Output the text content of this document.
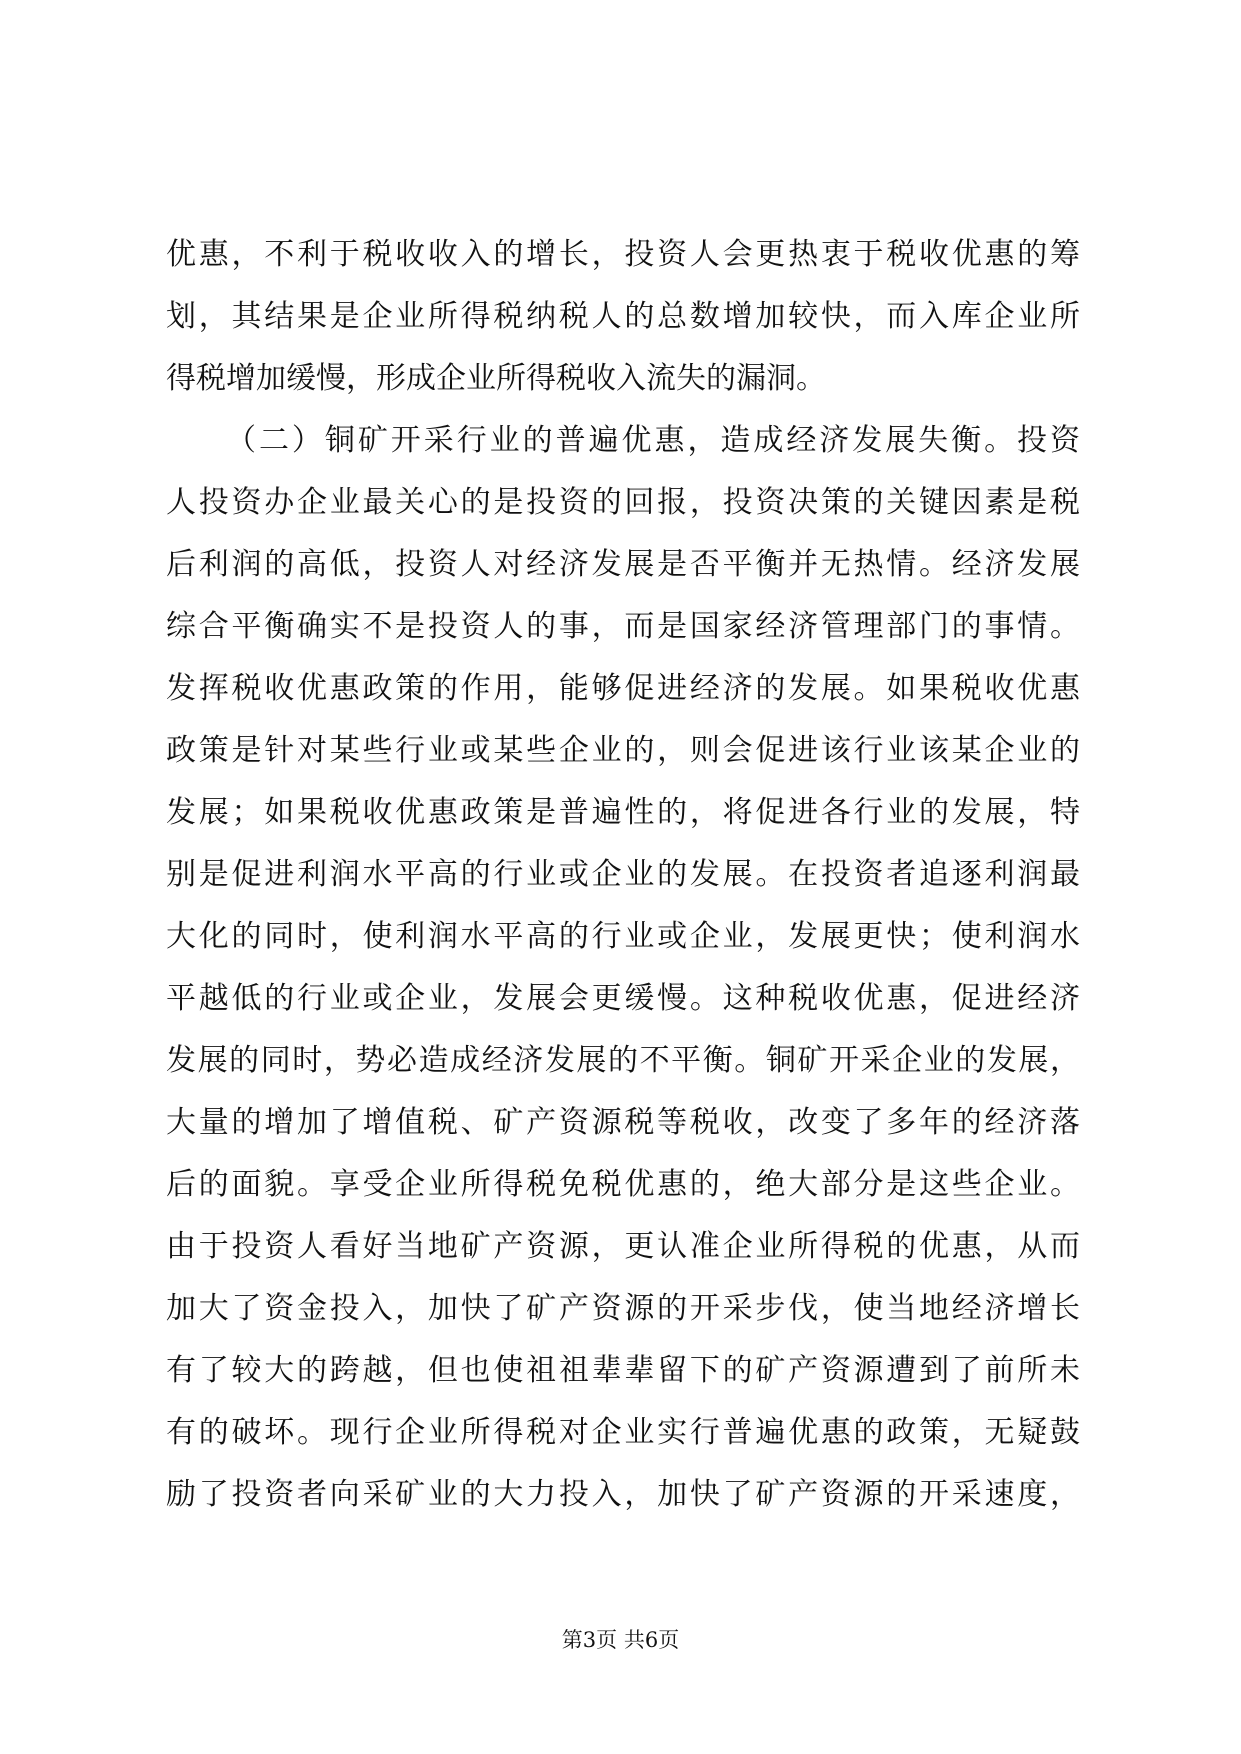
优惠，不利于税收收入的增长，投资人会更热衷于税收优惠的筹
划，其结果是企业所得税纳税人的总数增加较快，而入库企业所
得税增加缓慢，形成企业所得税收入流失的漏洞。
（二）铜矿开采行业的普遍优惠，造成经济发展失衡。投资
人投资办企业最关心的是投资的回报，投资决策的关键因素是税
后利润的高低，投资人对经济发展是否平衡并无热情。经济发展
综合平衡确实不是投资人的事，而是国家经济管理部门的事情。
发挥税收优惠政策的作用，能够促进经济的发展。如果税收优惠
政策是针对某些行业或某些企业的，则会促进该行业该某企业的
发展；如果税收优惠政策是普遍性的，将促进各行业的发展，特
别是促进利润水平高的行业或企业的发展。在投资者追逐利润最
大化的同时，使利润水平高的行业或企业，发展更快；使利润水
平越低的行业或企业，发展会更缓慢。这种税收优惠，促进经济
发展的同时，势必造成经济发展的不平衡。铜矿开采企业的发展，
大量的增加了增值税、矿产资源税等税收，改变了多年的经济落
后的面貌。享受企业所得税免税优惠的，绝大部分是这些企业。
由于投资人看好当地矿产资源，更认准企业所得税的优惠，从而
加大了资金投入，加快了矿产资源的开采步伐，使当地经济增长
有了较大的跨越，但也使祖祖辈辈留下的矿产资源遭到了前所未
有的破坏。现行企业所得税对企业实行普遍优惠的政策，无疑鼓
励了投资者向采矿业的大力投入，加快了矿产资源的开采速度，
第3页 共6页
